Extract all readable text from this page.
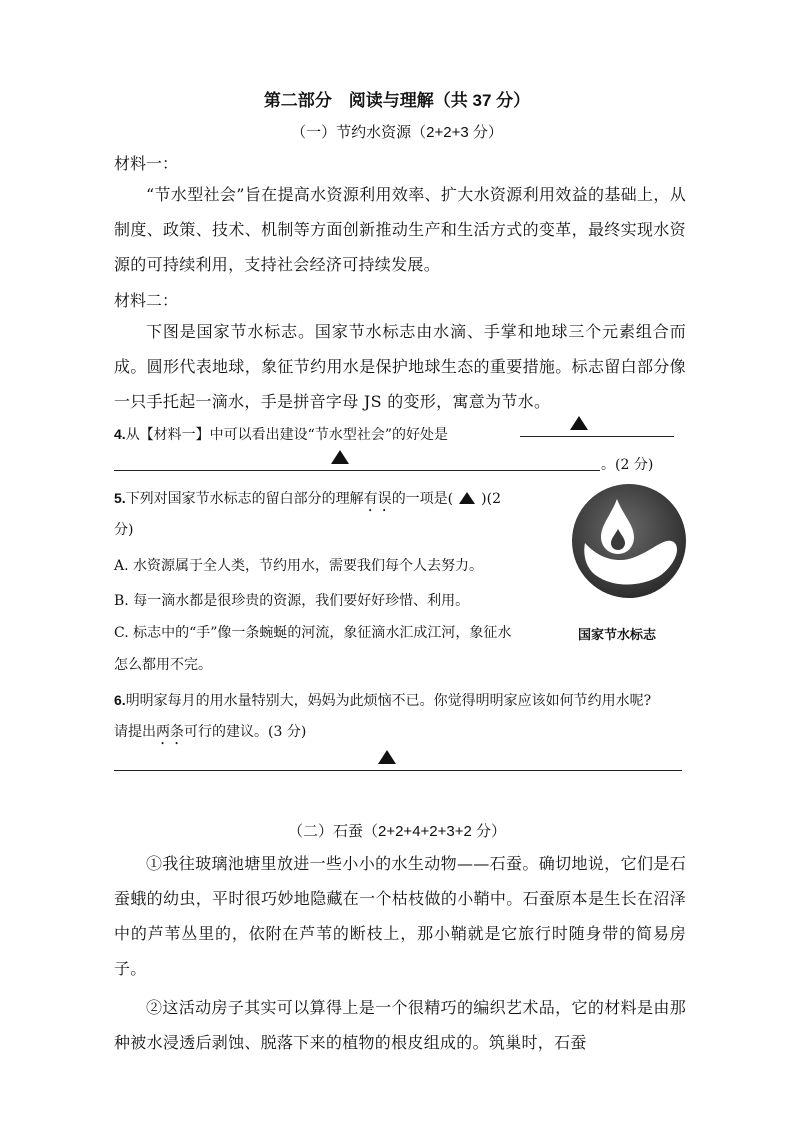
第二部分　阅读与理解（共 37 分）
（一）节约水资源（2+2+3 分）
材料一：
“节水型社会”旨在提高水资源利用效率、扩大水资源利用效益的基础上，从制度、政策、技术、机制等方面创新推动生产和生活方式的变革，最终实现水资源的可持续利用，支持社会经济可持续发展。
材料二：
下图是国家节水标志。国家节水标志由水滴、手掌和地球三个元素组合而成。圆形代表地球，象征节约用水是保护地球生态的重要措施。标志留白部分像一只手托起一滴水，手是拼音字母 JS 的变形，寓意为节水。
4.从【材料一】中可以看出建设“节水型社会”的好处是
。(2 分)
5.下列对国家节水标志的留白部分的理解有误的一项是( )(2
分)
A. 水资源属于全人类，节约用水，需要我们每个人去努力。
B. 每一滴水都是很珍贵的资源，我们要好好珍惜、利用。
C. 标志中的“手”像一条蜿蜒的河流，象征滴水汇成江河，象征水
怎么都用不完。
国家节水标志
6.明明家每月的用水量特别大，妈妈为此烦恼不已。你觉得明明家应该如何节约用水呢?
请提出两条可行的建议。(3 分)
（二）石蚕（2+2+4+2+3+2 分）
①我往玻璃池塘里放进一些小小的水生动物——石蚕。确切地说，它们是石蚕蛾的幼虫，平时很巧妙地隐藏在一个枯枝做的小鞘中。石蚕原本是生长在沼泽中的芦苇丛里的，依附在芦苇的断枝上，那小鞘就是它旅行时随身带的简易房子。
②这活动房子其实可以算得上是一个很精巧的编织艺术品，它的材料是由那种被水浸透后剥蚀、脱落下来的植物的根皮组成的。筑巢时，石蚕
